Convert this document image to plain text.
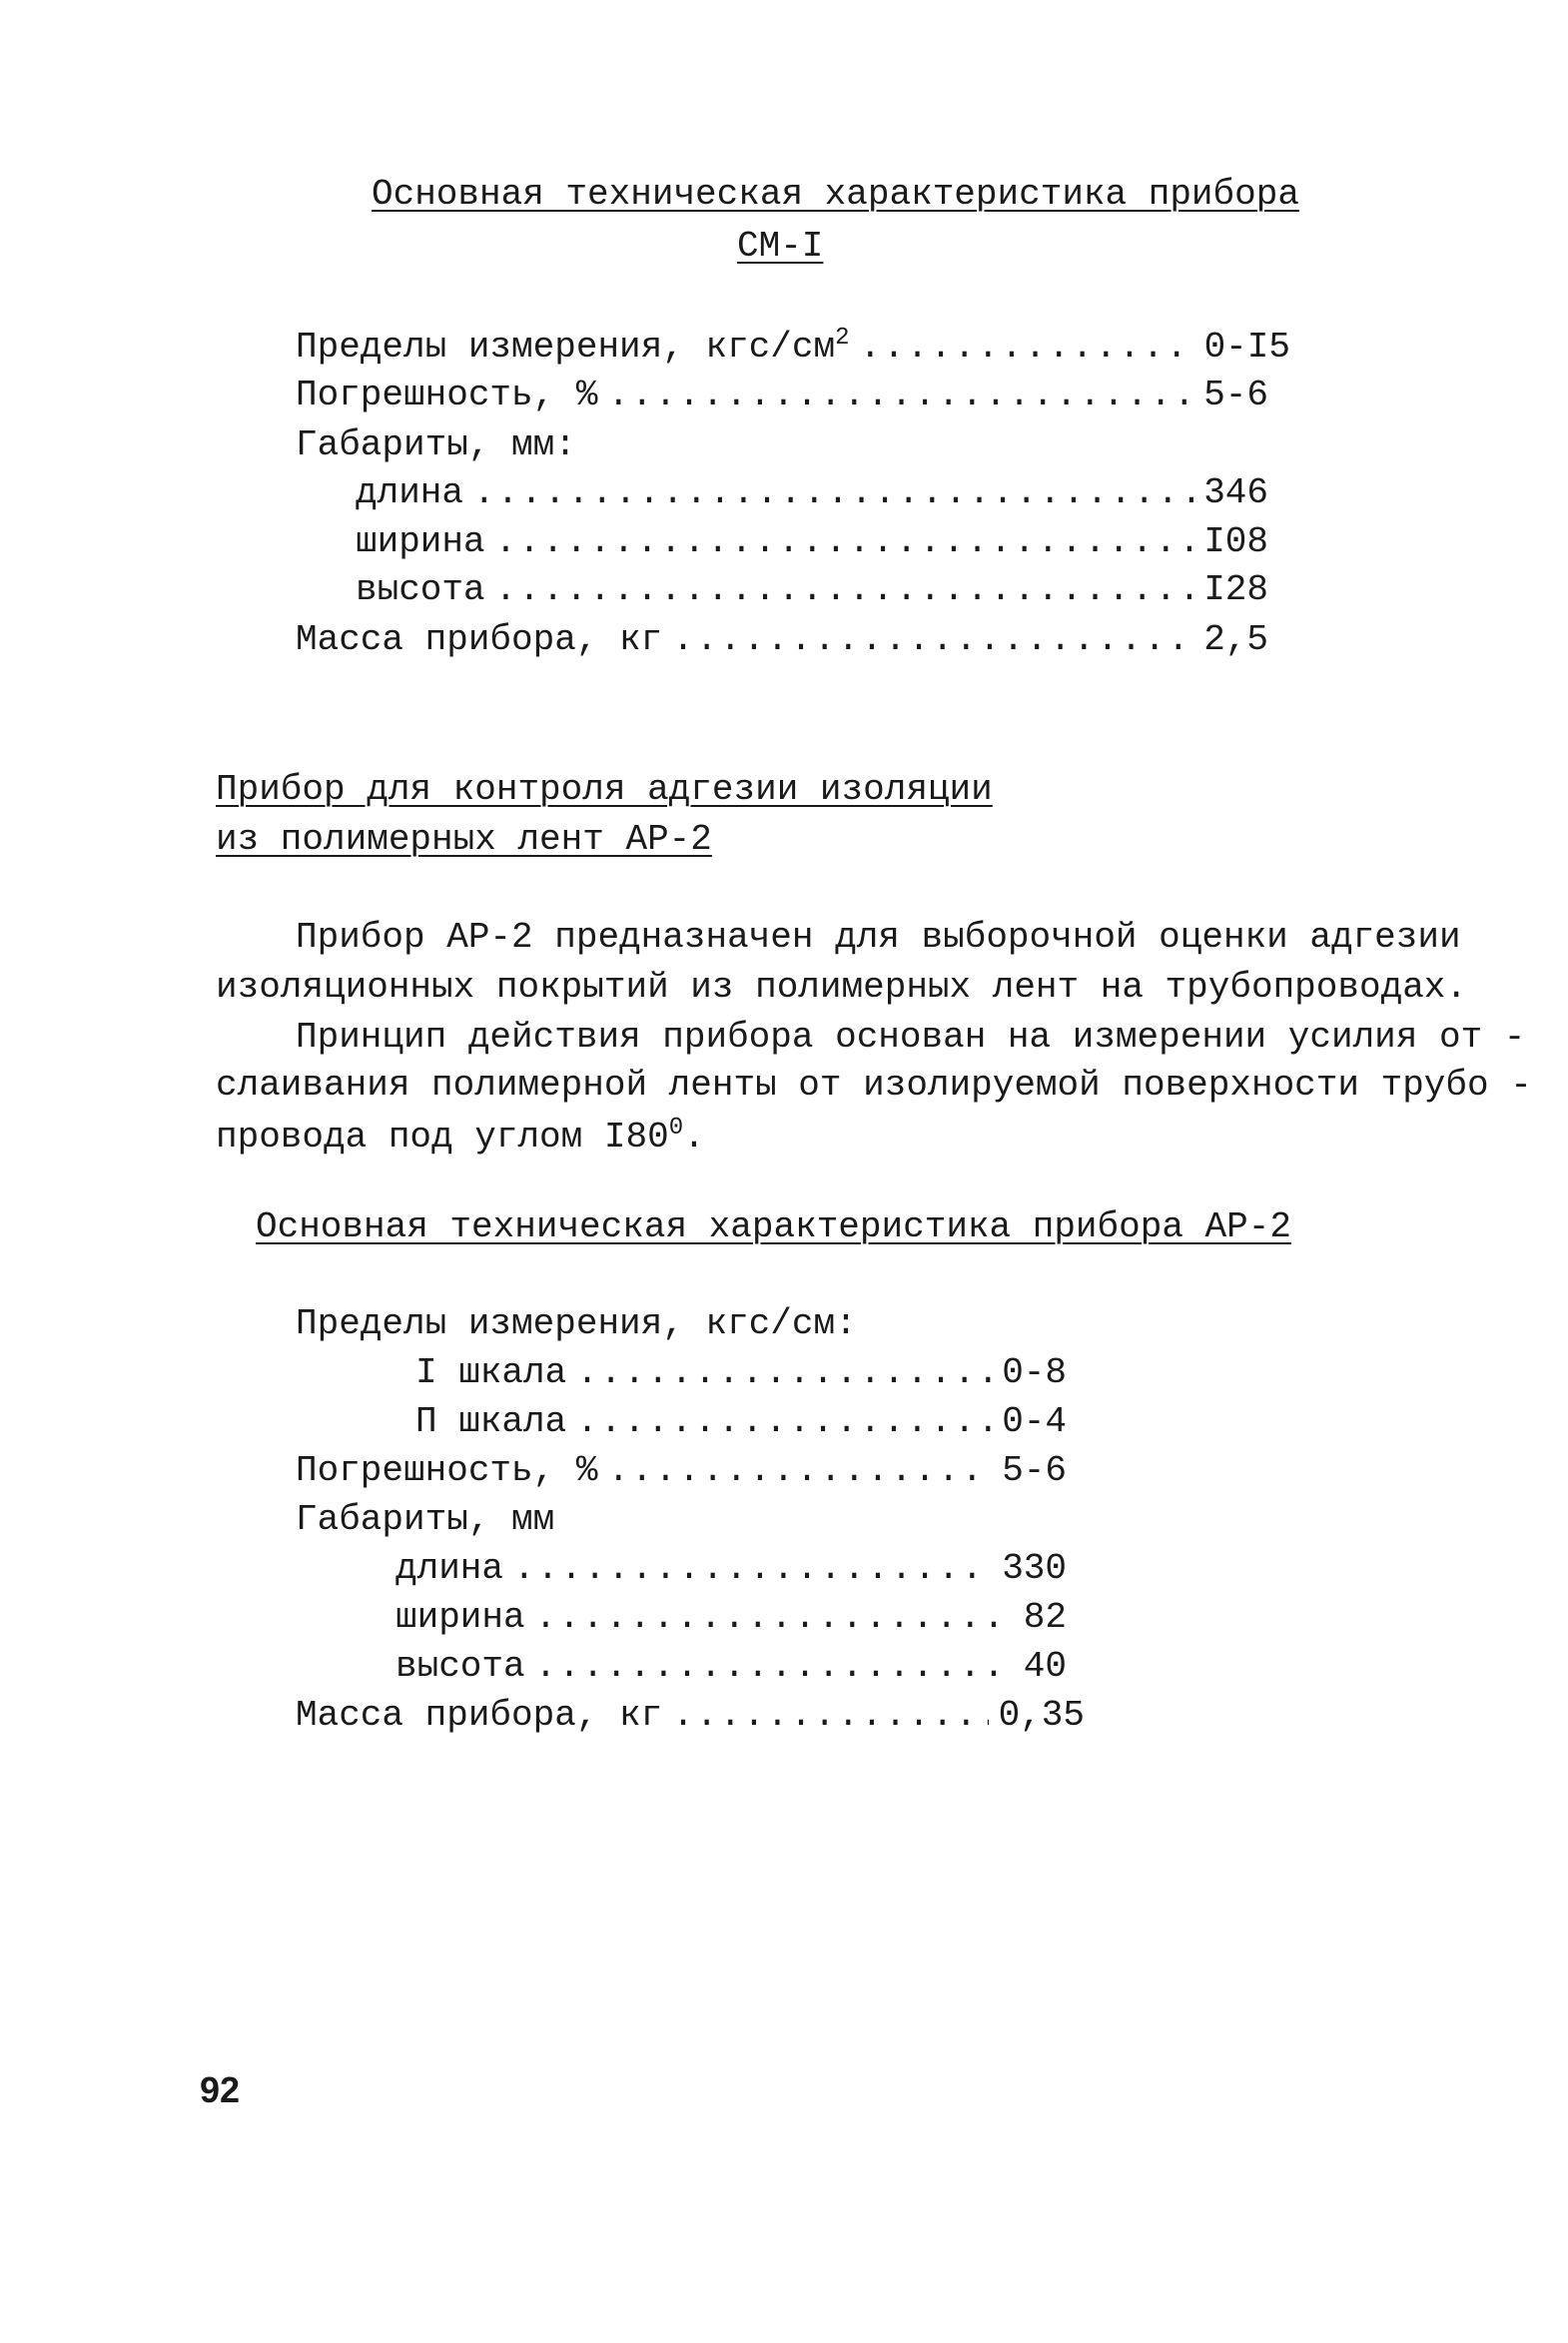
Основная техническая характеристика прибора
СМ-I
Пределы измерения, кгс/$см^2$ .....	0-I5
Погрешность, % .....	5-6
Габариты, мм:
длина .....	346
ширина .....	I08
высота .....	I28
Масса прибора, кг .....	2,5
Прибор для контроля адгезии изоляции
из полимерных лент АР-2
Прибор АР-2 предназначен для выборочной оценки адгезии
изоляционных покрытий из полимерных лент на трубопроводах.
Принцип действия прибора основан на измерении усилия от -
слаивания полимерной ленты от изолируемой поверхности трубо -
провода под углом $I80^0$.
Основная техническая характеристика прибора АР-2
Пределы измерения, кгс/см:
I шкала .....	0-8
П шкала .....	0-4
Погрешность, % .....	5-6
Габариты, мм
длина .....	330
ширина .....	82
высота .....	40
Масса прибора, кг .....	0,35
92
